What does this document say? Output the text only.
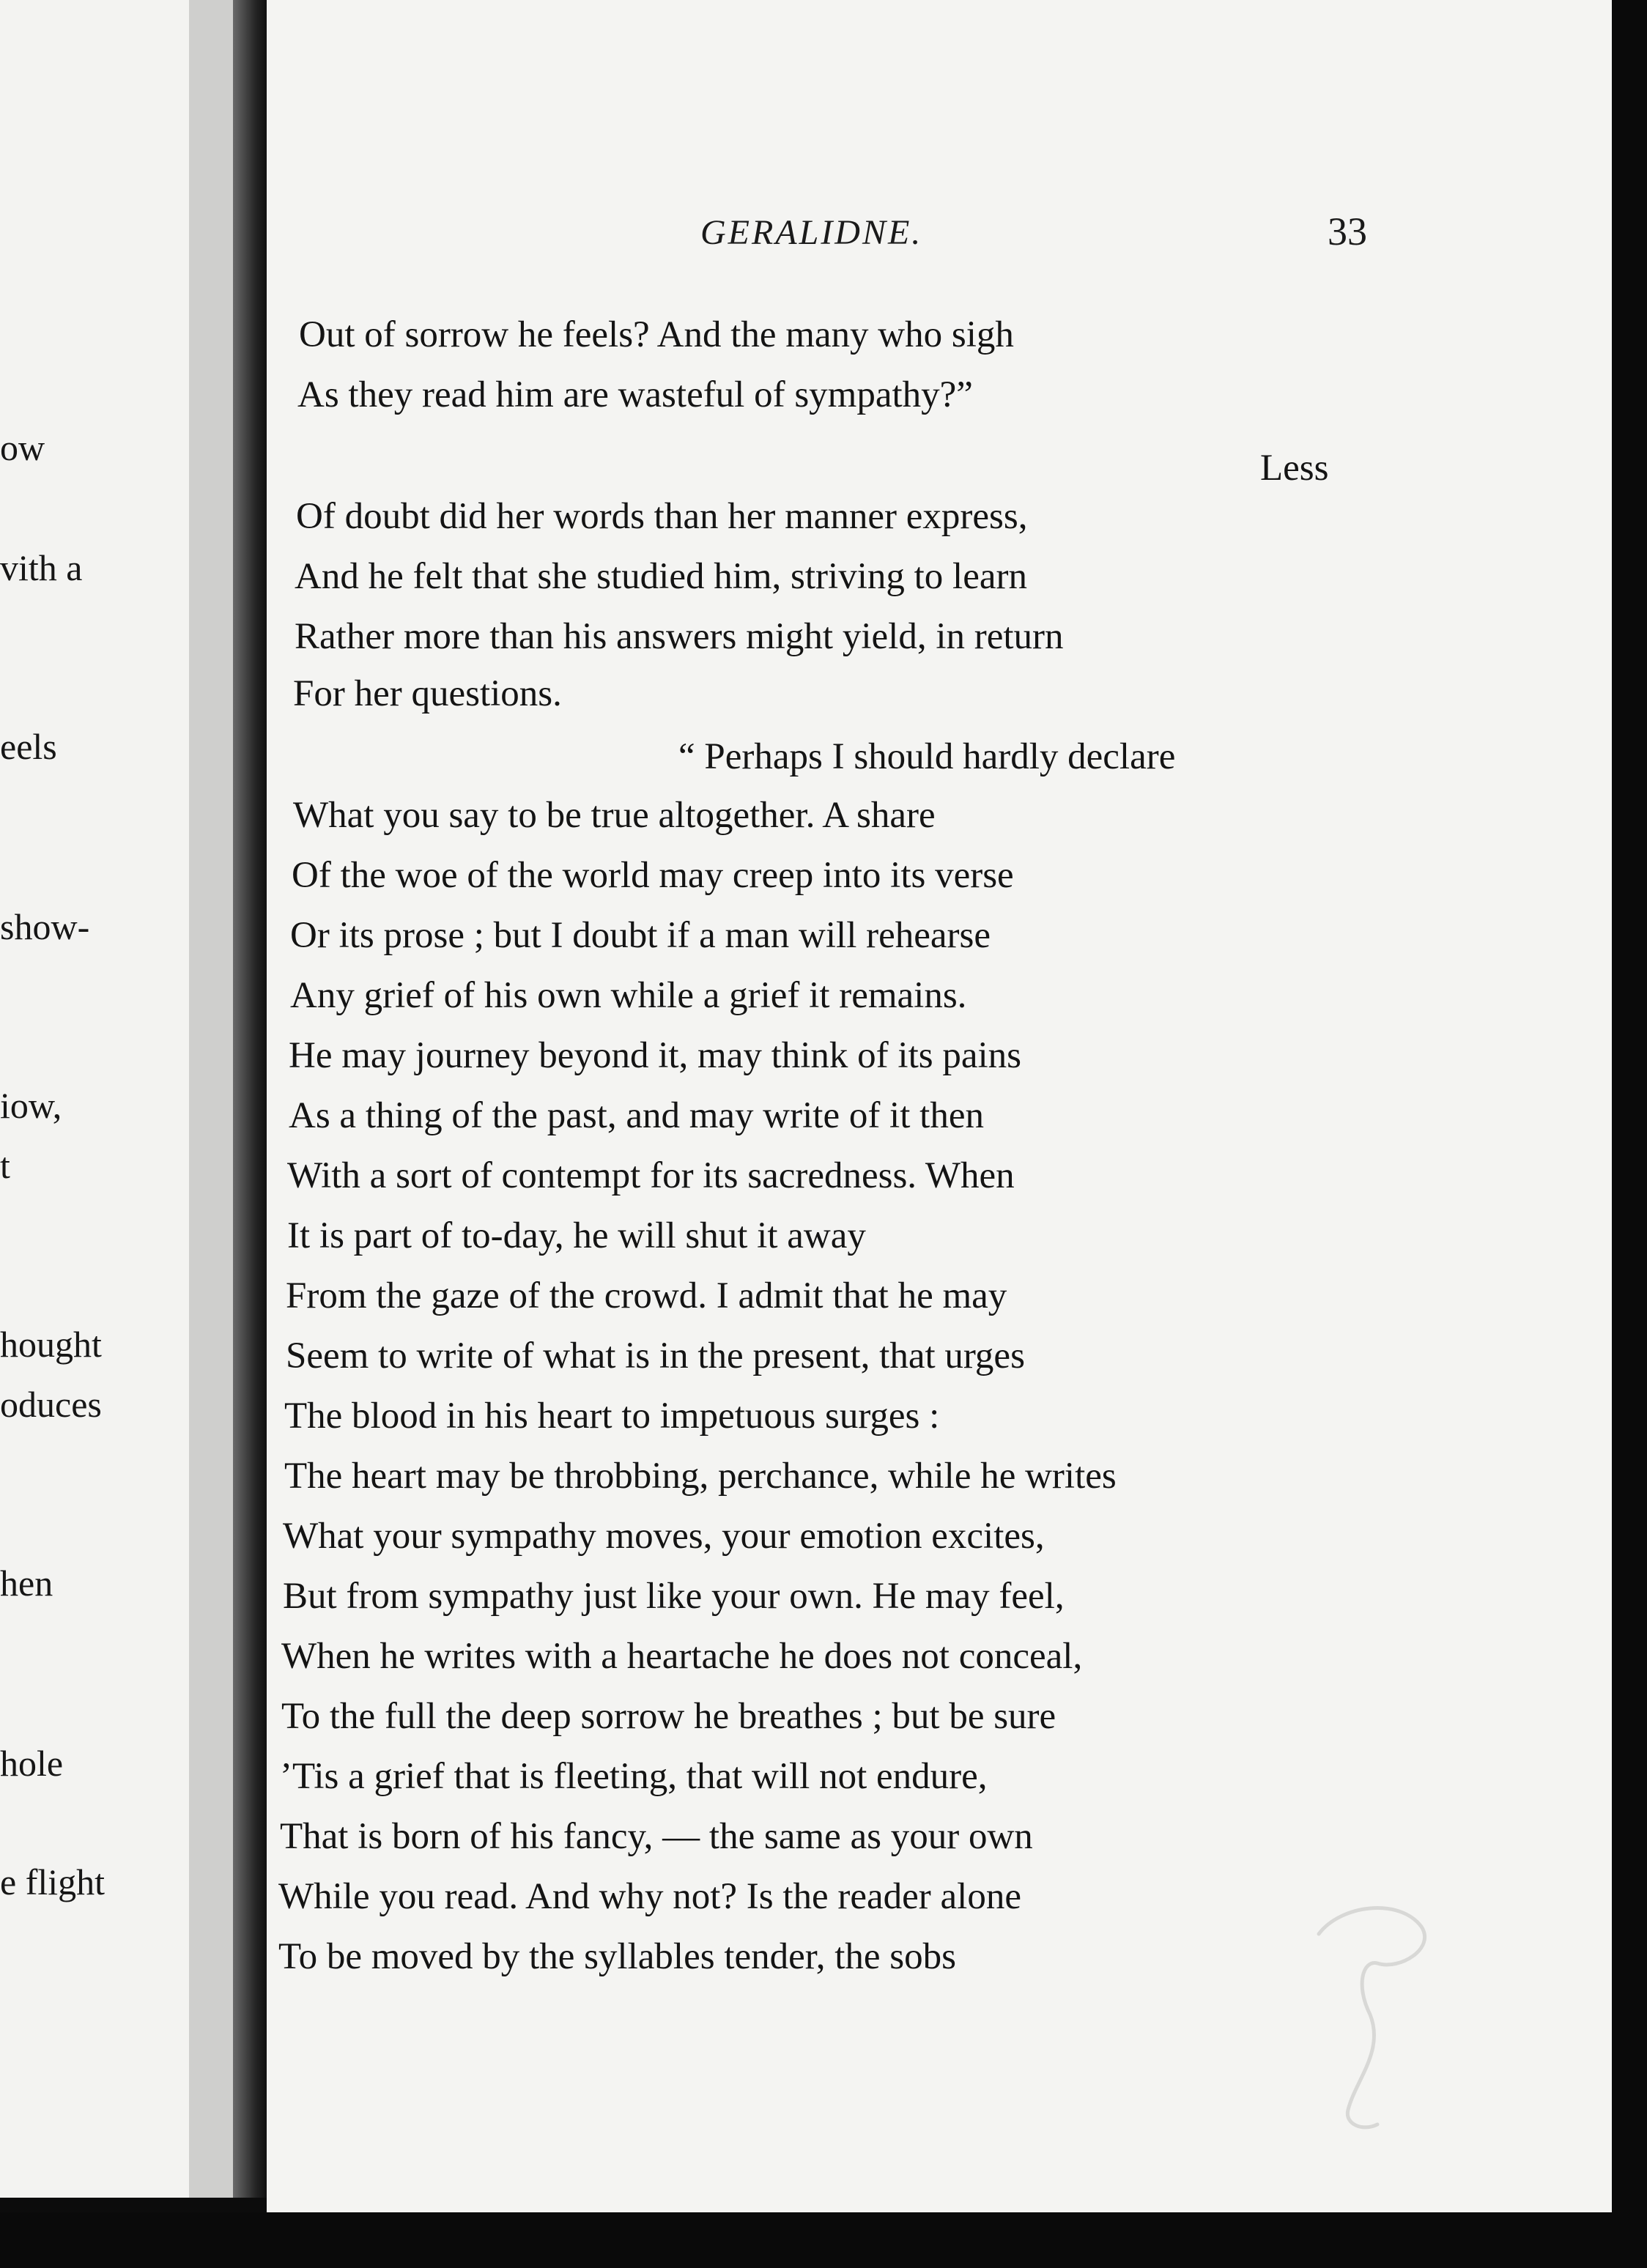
ow
vith a
eels
show-
iow,
t
hought
oduces
hen
hole
e flight
GERALIDNE.	33
Out of sorrow he feels? And the many who sigh
As they read him are wasteful of sympathy?”
Less
Of doubt did her words than her manner express,
And he felt that she studied him, striving to learn
Rather more than his answers might yield, in return
For her questions.
“ Perhaps I should hardly declare
What you say to be true altogether. A share
Of the woe of the world may creep into its verse
Or its prose ; but I doubt if a man will rehearse
Any grief of his own while a grief it remains.
He may journey beyond it, may think of its pains
As a thing of the past, and may write of it then
With a sort of contempt for its sacredness. When
It is part of to-day, he will shut it away
From the gaze of the crowd. I admit that he may
Seem to write of what is in the present, that urges
The blood in his heart to impetuous surges :
The heart may be throbbing, perchance, while he writes
What your sympathy moves, your emotion excites,
But from sympathy just like your own. He may feel,
When he writes with a heartache he does not conceal,
To the full the deep sorrow he breathes ; but be sure
’Tis a grief that is fleeting, that will not endure,
That is born of his fancy, — the same as your own
While you read. And why not? Is the reader alone
To be moved by the syllables tender, the sobs
